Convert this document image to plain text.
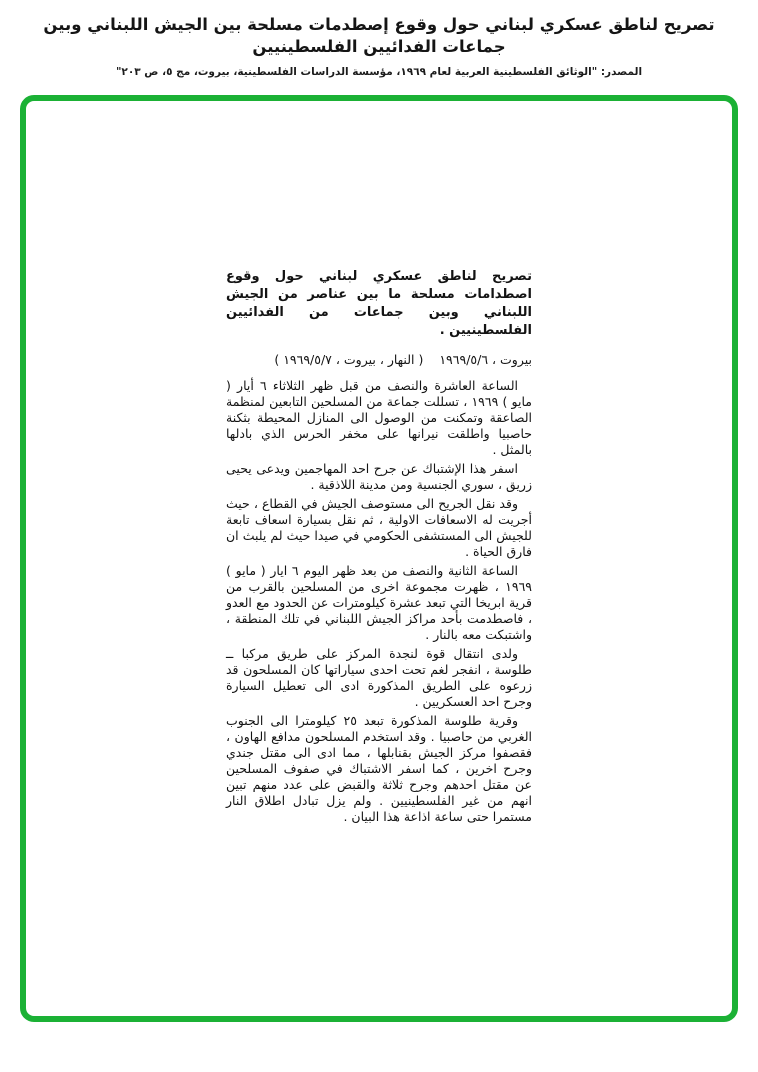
تصريح لناطق عسكري لبناني حول وقوع إصطدمات مسلحة بين الجيش اللبناني وبين جماعات الفدائيين الفلسطينيين
المصدر: "الوثائق الفلسطينية العربية لعام ١٩٦٩، مؤسسة الدراسات الفلسطينية، بيروت، مج ٥، ص ٢٠٣"
تصريح لناطق عسكري لبناني حول وقوع اصطدامات مسلحة ما بين عناصر من الجيش اللبناني وبين جماعات من الفدائيين الفلسطينيين .
بيروت ، ١٩٦٩/٥/٦
( النهار ، بيروت ، ١٩٦٩/٥/٧ )

الساعة العاشرة والنصف من قبل ظهر الثلاثاء ٦ أيار ( مايو ) ١٩٦٩ ، تسللت جماعة من المسلحين التابعين لمنظمة الصاعقة وتمكنت من الوصول الى المنازل المحيطة بثكنة حاصبيا واطلقت نيرانها على مخفر الحرس الذي بادلها بالمثل .

اسفر هذا الإشتباك عن جرح احد المهاجمين ويدعى يحيى زريق ، سوري الجنسية ومن مدينة اللاذقية .

وقد نقل الجريح الى مستوصف الجيش في القطاع ، حيث أجريت له الاسعافات الاولية ، ثم نقل بسيارة اسعاف تابعة للجيش الى المستشفى الحكومي في صيدا حيث لم يلبث ان فارق الحياة .

الساعة الثانية والنصف من بعد ظهر اليوم ٦ ايار ( مايو ) ١٩٦٩ ، ظهرت مجموعة اخرى من المسلحين بالقرب من قرية ابريخا التي تبعد عشرة كيلومترات عن الحدود مع العدو ، فاصطدمت بأحد مراكز الجيش اللبناني في تلك المنطقة ، واشتبكت معه بالنار .

ولدى انتقال قوة لنجدة المركز على طريق مركبا ــ طلوسة ، انفجر لغم تحت احدى سياراتها كان المسلحون قد زرعوه على الطريق المذكورة ادى الى تعطيل السيارة وجرح احد العسكريين .

وقرية طلوسة المذكورة تبعد ٢٥ كيلومترا الى الجنوب الغربي من حاصبيا . وقد استخدم المسلحون مدافع الهاون ، فقصفوا مركز الجيش بقنابلها ، مما ادى الى مقتل جندي وجرح اخرين ، كما اسفر الاشتباك في صفوف المسلحين عن مقتل احدهم وجرح ثلاثة والقبض على عدد منهم تبين انهم من غير الفلسطينيين . ولم يزل تبادل اطلاق النار مستمرا حتى ساعة اذاعة هذا البيان .
